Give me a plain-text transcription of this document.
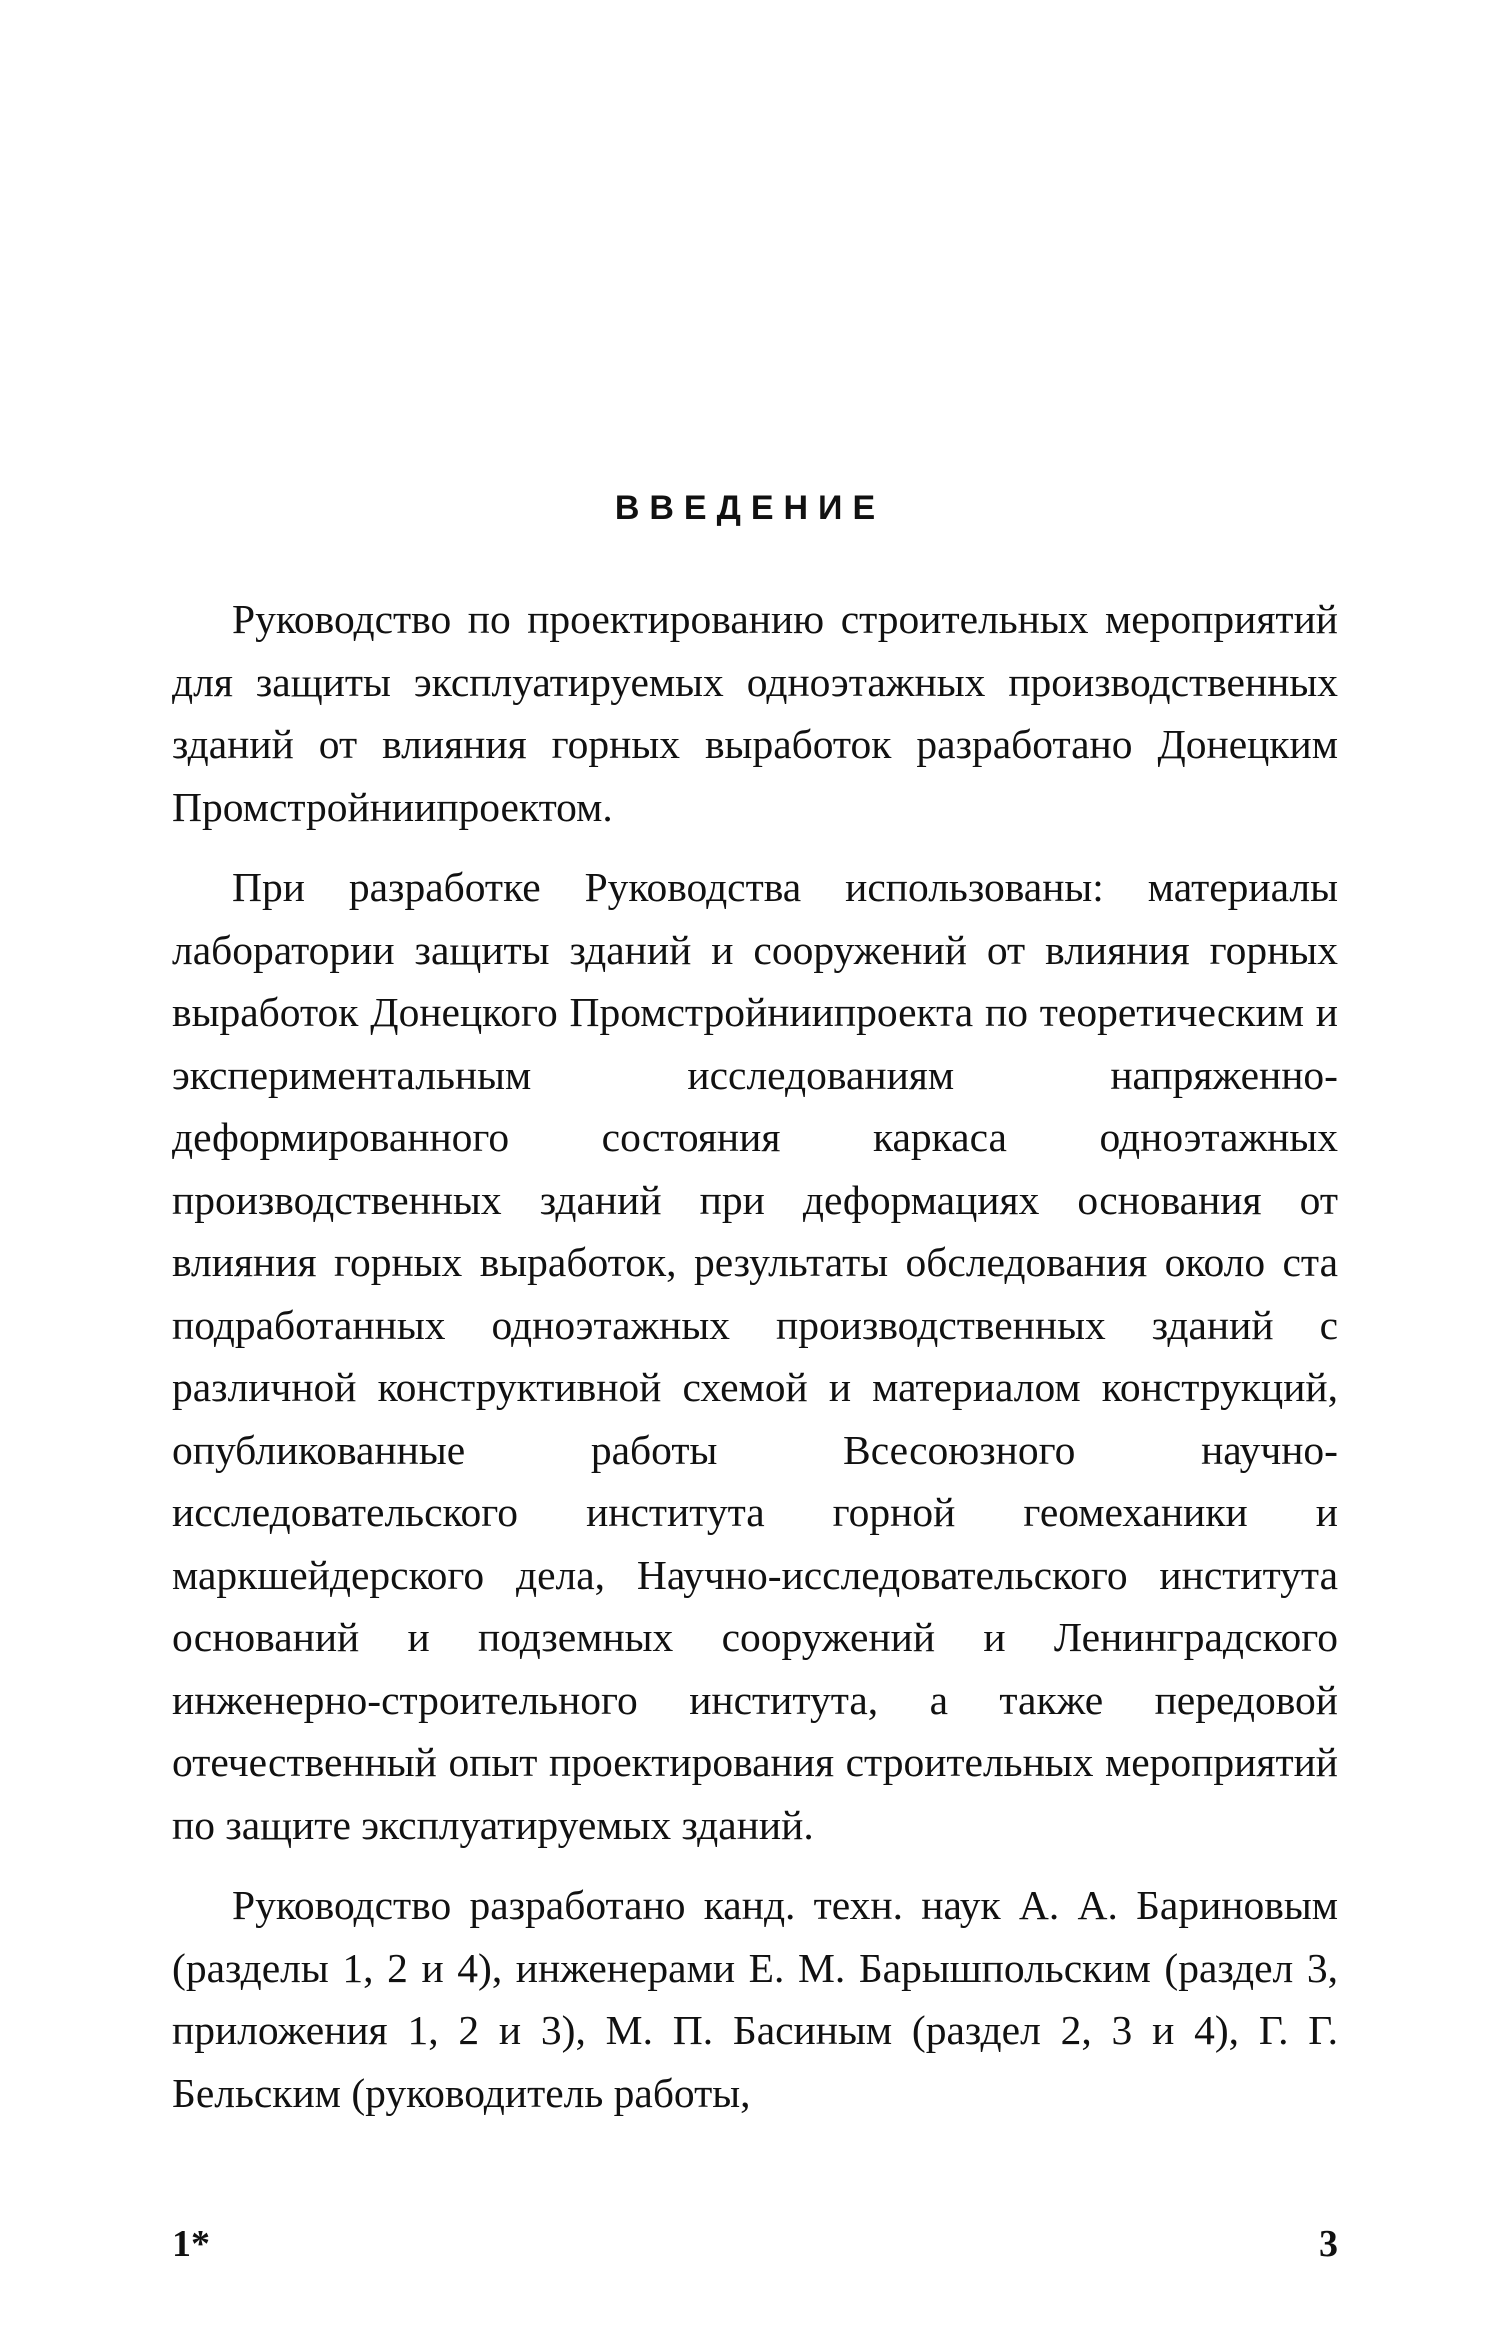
ВВЕДЕНИЕ

Руководство по проектированию строительных мероприятий для защиты эксплуатируемых одноэтажных производственных зданий от влияния горных выработок разработано Донецким Промстройниипроектом.

При разработке Руководства использованы: материалы лаборатории защиты зданий и сооружений от влияния горных выработок Донецкого Промстройниипроекта по теоретическим и экспериментальным исследованиям напряженно-деформированного состояния каркаса одноэтажных производственных зданий при деформациях основания от влияния горных выработок, результаты обследования около ста подработанных одноэтажных производственных зданий с различной конструктивной схемой и материалом конструкций, опубликованные работы Всесоюзного научно-исследовательского института горной геомеханики и маркшейдерского дела, Научно-исследовательского института оснований и подземных сооружений и Ленинградского инженерно-строительного института, а также передовой отечественный опыт проектирования строительных мероприятий по защите эксплуатируемых зданий.

Руководство разработано канд. техн. наук А. А. Бариновым (разделы 1, 2 и 4), инженерами Е. М. Барышпольским (раздел 3, приложения 1, 2 и 3), М. П. Басиным (раздел 2, 3 и 4), Г. Г. Бельским (руководитель работы,

1*	3
